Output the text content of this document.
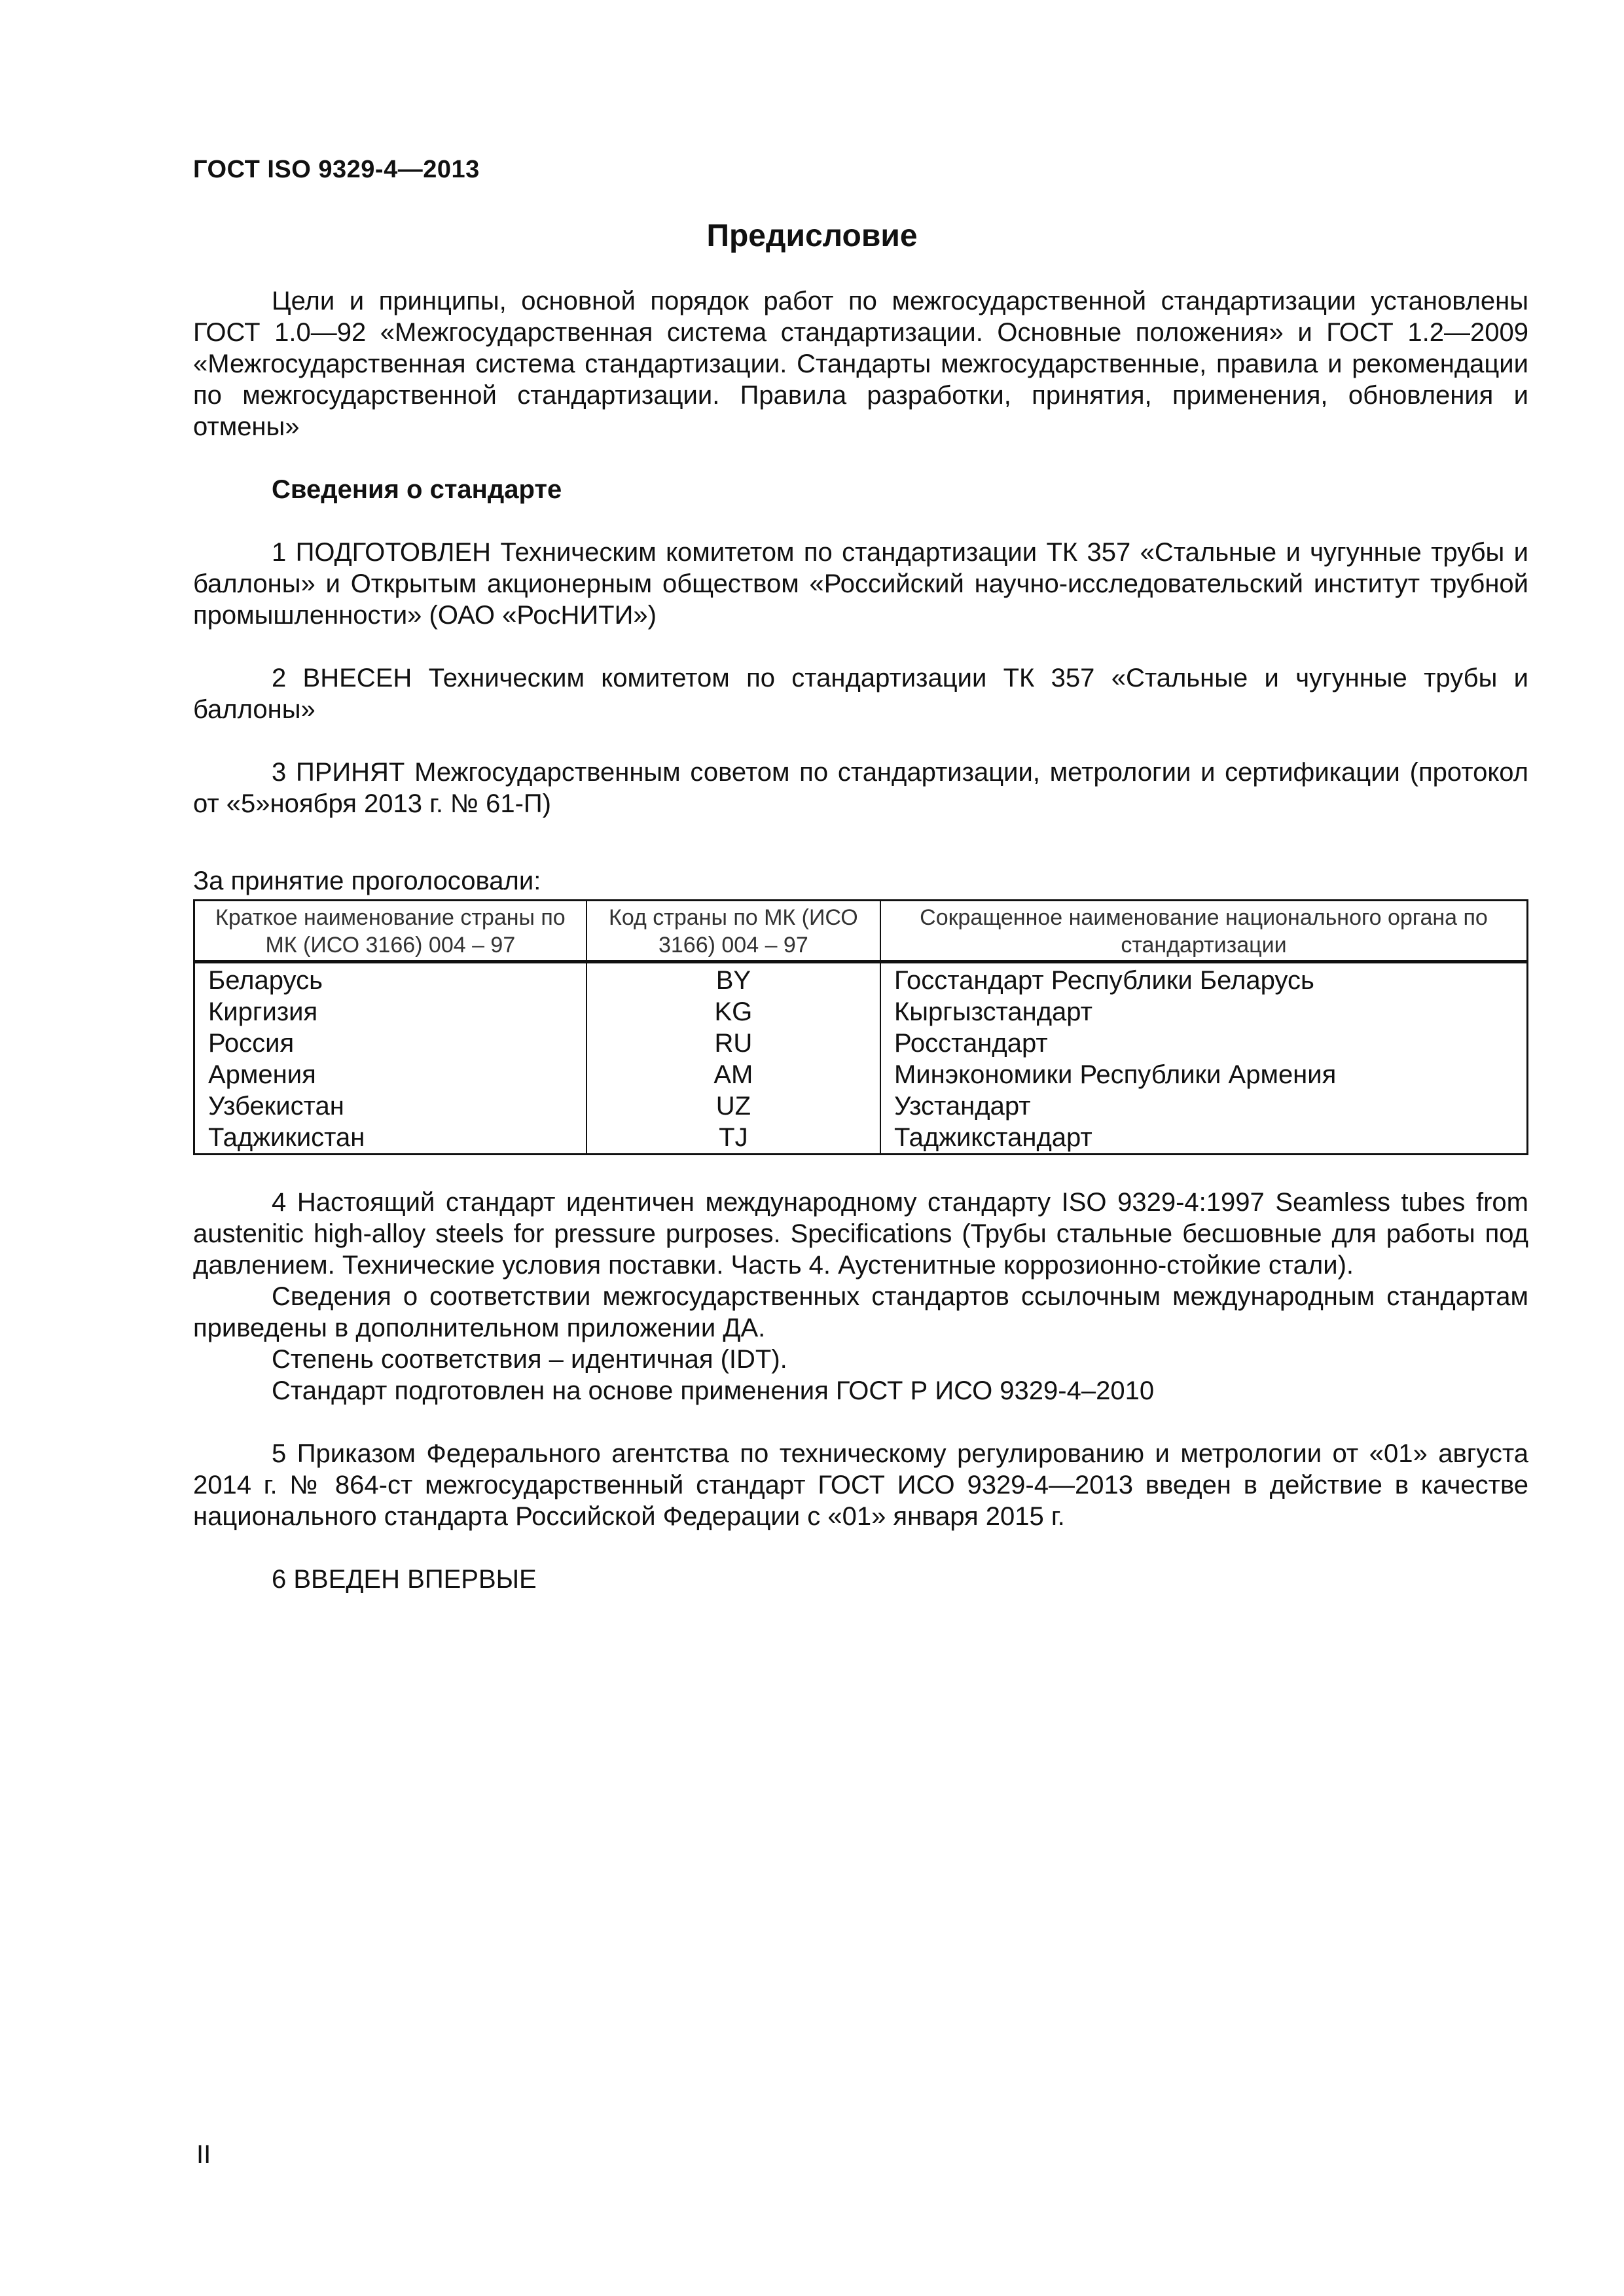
ГОСТ ISO 9329-4—2013
Предисловие

Цели и принципы, основной порядок работ по межгосударственной стандартизации установлены ГОСТ 1.0—92 «Межгосударственная система стандартизации. Основные положения» и ГОСТ 1.2—2009 «Межгосударственная система стандартизации. Стандарты межгосударственные, правила и рекомендации по межгосударственной стандартизации. Правила разработки, принятия, применения, обновления и отмены»

Сведения о стандарте

1 ПОДГОТОВЛЕН Техническим комитетом по стандартизации ТК 357 «Стальные и чугунные трубы и баллоны» и Открытым акционерным обществом «Российский научно-исследовательский институт трубной промышленности» (ОАО «РосНИТИ»)

2 ВНЕСЕН Техническим комитетом по стандартизации ТК 357 «Стальные и чугунные трубы и баллоны»

3 ПРИНЯТ Межгосударственным советом по стандартизации, метрологии и сертификации (протокол от «5»ноября 2013 г. № 61-П)

За принятие проголосовали:

Краткое наименование страны по МК (ИСО 3166) 004 – 97	Код страны по МК (ИСО 3166) 004 – 97	Сокращенное наименование национального органа по стандартизации
Беларусь	BY	Госстандарт Республики Беларусь
Киргизия	KG	Кыргызстандарт
Россия	RU	Росстандарт
Армения	AM	Минэкономики Республики Армения
Узбекистан	UZ	Узстандарт
Таджикистан	TJ	Таджикстандарт

4 Настоящий стандарт идентичен международному стандарту ISO 9329-4:1997 Seamless tubes from austenitic high-alloy steels for pressure purposes. Specifications (Трубы стальные бесшовные для работы под давлением. Технические условия поставки. Часть 4. Аустенитные коррозионно-стойкие стали).

Сведения о соответствии межгосударственных стандартов ссылочным международным стандартам приведены в дополнительном приложении ДА.

Степень соответствия – идентичная (IDT).

Стандарт подготовлен на основе применения ГОСТ Р ИСО 9329-4–2010

5 Приказом Федерального агентства по техническому регулированию и метрологии от «01» августа 2014 г. № 864-ст межгосударственный стандарт ГОСТ ИСО 9329-4—2013 введен в действие в качестве национального стандарта Российской Федерации с «01» января 2015 г.

6 ВВЕДЕН ВПЕРВЫЕ

II
